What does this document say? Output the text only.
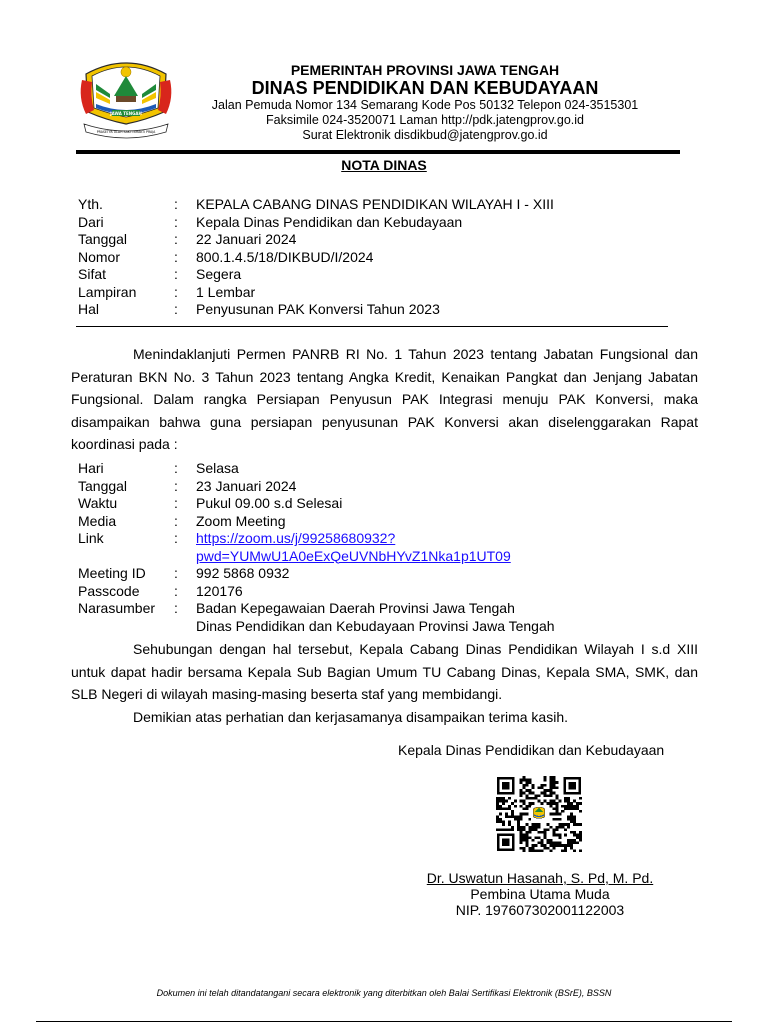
JAWA TENGAH
PRASETYA ULAH SAKTI BHAKTI PRAJA
PEMERINTAH PROVINSI JAWA TENGAH
DINAS PENDIDIKAN DAN KEBUDAYAAN
Jalan Pemuda Nomor 134 Semarang Kode Pos 50132 Telepon 024-3515301
Faksimile 024-3520071 Laman http://pdk.jatengprov.go.id
Surat Elektronik disdikbud@jatengprov.go.id
NOTA DINAS
Yth.	:	KEPALA CABANG DINAS PENDIDIKAN WILAYAH I - XIII
Dari	:	Kepala Dinas Pendidikan dan Kebudayaan
Tanggal	:	22 Januari 2024
Nomor	:	800.1.4.5/18/DIKBUD/I/2024
Sifat	:	Segera
Lampiran	:	1 Lembar
Hal	:	Penyusunan PAK Konversi Tahun 2023
Menindaklanjuti Permen PANRB RI No. 1 Tahun 2023 tentang Jabatan Fungsional dan Peraturan BKN No. 3 Tahun 2023 tentang Angka Kredit, Kenaikan Pangkat dan Jenjang Jabatan Fungsional. Dalam rangka Persiapan Penyusun PAK Integrasi menuju PAK Konversi, maka disampaikan bahwa guna persiapan penyusunan PAK Konversi akan diselenggarakan Rapat koordinasi pada :
Hari	:	Selasa
Tanggal	:	23 Januari 2024
Waktu	:	Pukul 09.00 s.d Selesai
Media	:	Zoom Meeting
Link	:	https://zoom.us/j/99258680932?
pwd=YUMwU1A0eExQeUVNbHYvZ1Nka1p1UT09
Meeting ID	:	992 5868 0932
Passcode	:	120176
Narasumber	:	Badan Kepegawaian Daerah Provinsi Jawa Tengah
Dinas Pendidikan dan Kebudayaan Provinsi Jawa Tengah
Sehubungan dengan hal tersebut, Kepala Cabang Dinas Pendidikan Wilayah I s.d XIII untuk dapat hadir bersama Kepala Sub Bagian Umum TU Cabang Dinas, Kepala SMA, SMK, dan SLB Negeri di wilayah masing-masing beserta staf yang membidangi.
Demikian atas perhatian dan kerjasamanya disampaikan terima kasih.
Kepala Dinas Pendidikan dan Kebudayaan
Dr. Uswatun Hasanah, S. Pd, M. Pd.
Pembina Utama Muda
NIP. 197607302001122003
Dokumen ini telah ditandatangani secara elektronik yang diterbitkan oleh Balai Sertifikasi Elektronik (BSrE), BSSN
